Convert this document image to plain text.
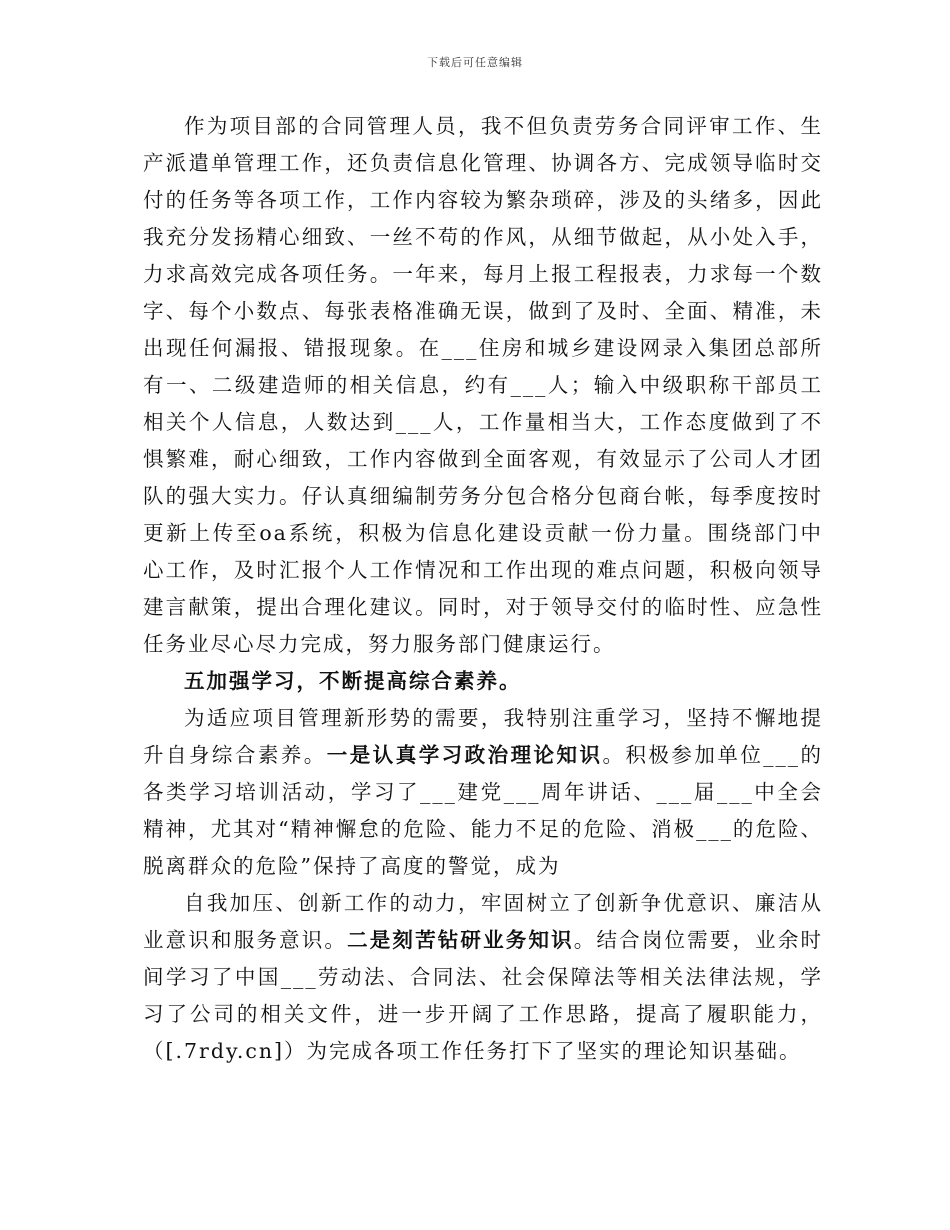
下载后可任意编辑

作为项目部的合同管理人员，我不但负责劳务合同评审工作、生产派遣单管理工作，还负责信息化管理、协调各方、完成领导临时交付的任务等各项工作，工作内容较为繁杂琐碎，涉及的头绪多，因此我充分发扬精心细致、一丝不苟的作风，从细节做起，从小处入手，力求高效完成各项任务。一年来，每月上报工程报表，力求每一个数字、每个小数点、每张表格准确无误，做到了及时、全面、精准，未出现任何漏报、错报现象。在___住房和城乡建设网录入集团总部所有一、二级建造师的相关信息，约有___人；输入中级职称干部员工相关个人信息，人数达到___人，工作量相当大，工作态度做到了不惧繁难，耐心细致，工作内容做到全面客观，有效显示了公司人才团队的强大实力。仔认真细编制劳务分包合格分包商台帐，每季度按时更新上传至oa系统，积极为信息化建设贡献一份力量。围绕部门中心工作，及时汇报个人工作情况和工作出现的难点问题，积极向领导建言献策，提出合理化建议。同时，对于领导交付的临时性、应急性任务业尽心尽力完成，努力服务部门健康运行。

五加强学习，不断提高综合素养。

为适应项目管理新形势的需要，我特别注重学习，坚持不懈地提升自身综合素养。一是认真学习政治理论知识。积极参加单位___的各类学习培训活动，学习了___建党___周年讲话、___届___中全会精神，尤其对“精神懈怠的危险、能力不足的危险、消极___的危险、脱离群众的危险”保持了高度的警觉，成为

自我加压、创新工作的动力，牢固树立了创新争优意识、廉洁从业意识和服务意识。二是刻苦钻研业务知识。结合岗位需要，业余时间学习了中国___劳动法、合同法、社会保障法等相关法律法规，学习了公司的相关文件，进一步开阔了工作思路，提高了履职能力，（[.7rdy.cn]）为完成各项工作任务打下了坚实的理论知识基础。
